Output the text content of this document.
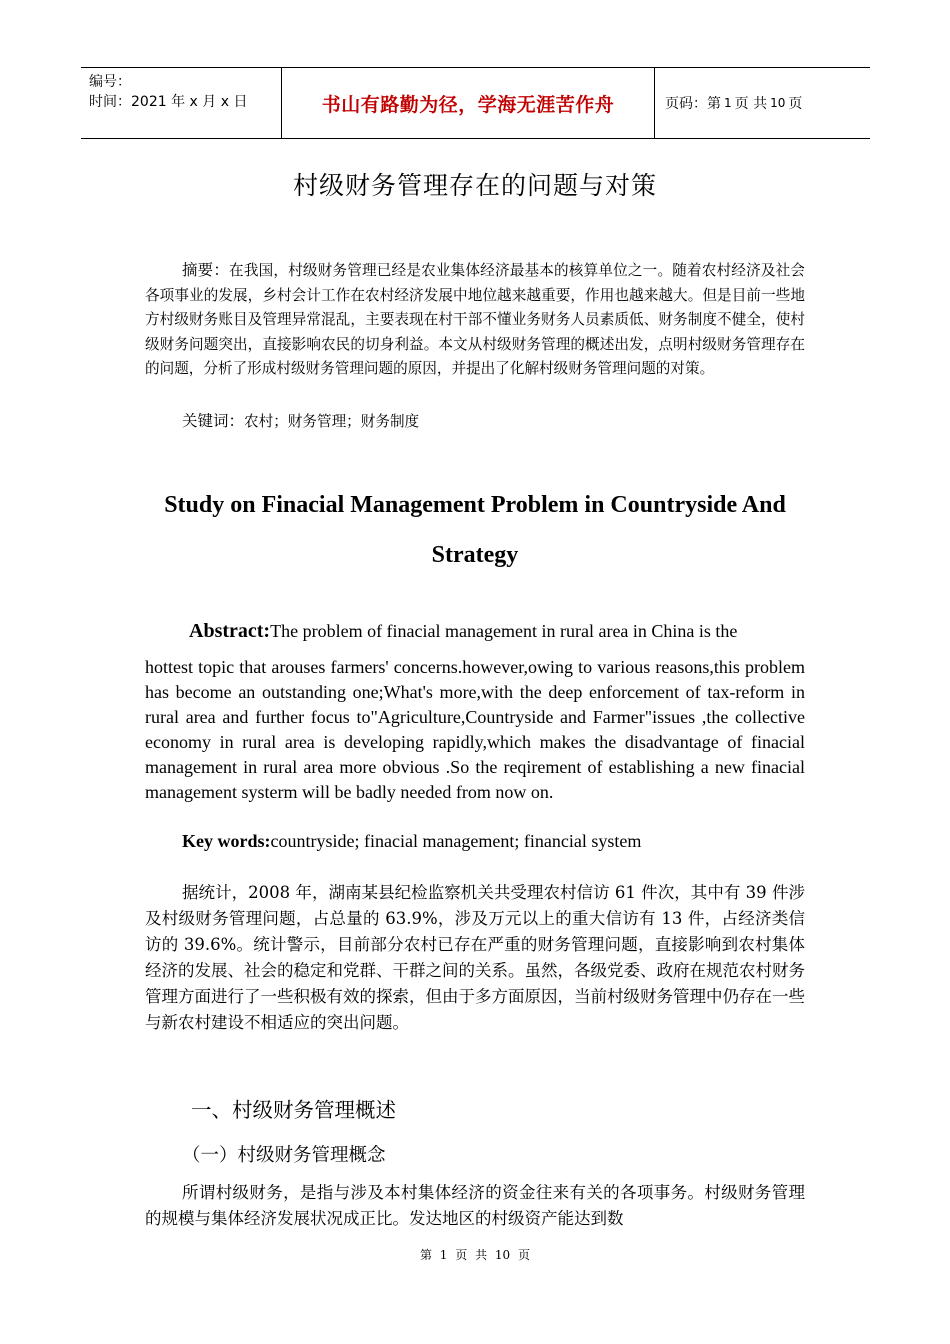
编号：
时间：2021 年 x 月 x 日	书山有路勤为径，学海无涯苦作舟	页码：第 1 页 共 10 页
村级财务管理存在的问题与对策
摘要：在我国，村级财务管理已经是农业集体经济最基本的核算单位之一。随着农村经济及社会各项事业的发展，乡村会计工作在农村经济发展中地位越来越重要，作用也越来越大。但是目前一些地方村级财务账目及管理异常混乱，主要表现在村干部不懂业务财务人员素质低、财务制度不健全，使村级财务问题突出，直接影响农民的切身利益。本文从村级财务管理的概述出发，点明村级财务管理存在的问题，分析了形成村级财务管理问题的原因，并提出了化解村级财务管理问题的对策。
关键词：农村；财务管理；财务制度
Study on Finacial Management Problem in Countryside And
Strategy

Abstract:The problem of finacial management in rural area in China is the

hottest topic that arouses farmers' concerns.however,owing to various reasons,this problem has become an outstanding one;What's more,with the deep enforcement of tax-reform in rural area and further focus to"Agriculture,Countryside and Farmer"issues ,the collective economy in rural area is developing rapidly,which makes the disadvantage of finacial management in rural area more obvious .So the reqirement of establishing a new finacial management systerm will be badly needed from now on.

Key words:countryside; finacial management; financial system

据统计，2008 年，湖南某县纪检监察机关共受理农村信访 61 件次，其中有 39 件涉及村级财务管理问题，占总量的 63.9%，涉及万元以上的重大信访有 13 件，占经济类信访的 39.6%。统计警示，目前部分农村已存在严重的财务管理问题，直接影响到农村集体经济的发展、社会的稳定和党群、干群之间的关系。虽然，各级党委、政府在规范农村财务管理方面进行了一些积极有效的探索，但由于多方面原因，当前村级财务管理中仍存在一些与新农村建设不相适应的突出问题。

一、村级财务管理概述
（一）村级财务管理概念

所谓村级财务，是指与涉及本村集体经济的资金往来有关的各项事务。村级财务管理的规模与集体经济发展状况成正比。发达地区的村级资产能达到数

第 1 页 共 10 页
